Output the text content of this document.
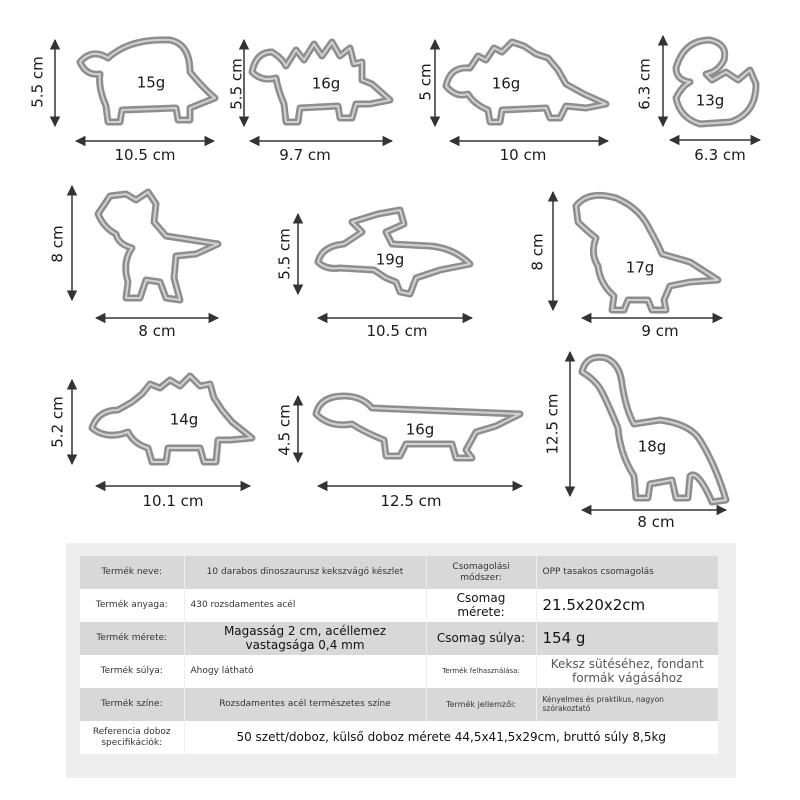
5.5 cm	5.5 cm	5 cm	6.3 cm
8 cm	5.5 cm	8 cm
5.2 cm	4.5 cm	12.5 cm
10.5 cm	9.7 cm	10 cm	6.3 cm
8 cm	10.5 cm	9 cm
10.1 cm	12.5 cm
8 cm
15g	16g	16g
13g
19g	17g
14g
16g
18g
Termék neve:	10 darabos dinoszaurusz kekszvágó készlet	Csomagolási módszer:	OPP tasakos csomagolás
Termék anyaga:	430 rozsdamentes acél	Csomag mérete:	21.5x20x2cm
Termék mérete:	Magasság 2 cm, acéllemez vastagsága 0,4 mm	Csomag súlya:	154 g
Termék súlya:	Ahogy látható	Termék felhasználása:	Keksz sütéséhez, fondant formák vágásához
Termék színe:	Rozsdamentes acél természetes színe	Termék jellemzői:	Kényelmes és praktikus, nagyon szórakoztató
Referencia doboz specifikációk:	50 szett/doboz, külső doboz mérete 44,5x41,5x29cm, bruttó súly 8,5kg		
